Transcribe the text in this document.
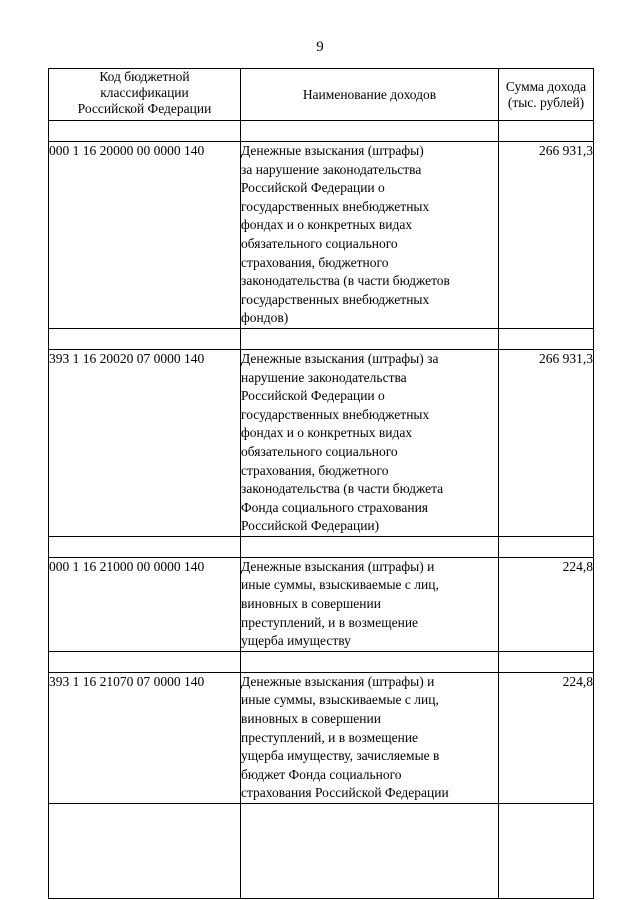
9
Код бюджетной
классификации
Российской Федерации	Наименование доходов	Сумма дохода
(тыс. рублей)

000 1 16 20000 00 0000 140	Денежные взыскания (штрафы)
за нарушение законодательства
Российской Федерации о
государственных внебюджетных
фондах и о конкретных видах
обязательного социального
страхования, бюджетного
законодательства (в части бюджетов
государственных внебюджетных
фондов)
	266 931,3

393 1 16 20020 07 0000 140	Денежные взыскания (штрафы) за
нарушение законодательства
Российской Федерации о
государственных внебюджетных
фондах и о конкретных видах
обязательного социального
страхования, бюджетного
законодательства (в части бюджета
Фонда социального страхования
Российской Федерации)
	266 931,3

000 1 16 21000 00 0000 140	Денежные взыскания (штрафы) и
иные суммы, взыскиваемые с лиц,
виновных в совершении
преступлений, и в возмещение
ущерба имуществу	224,8

393 1 16 21070 07 0000 140	Денежные взыскания (штрафы) и
иные суммы, взыскиваемые с лиц,
виновных в совершении
преступлений, и в возмещение
ущерба имуществу, зачисляемые в
бюджет Фонда социального
страхования Российской Федерации
	224,8
